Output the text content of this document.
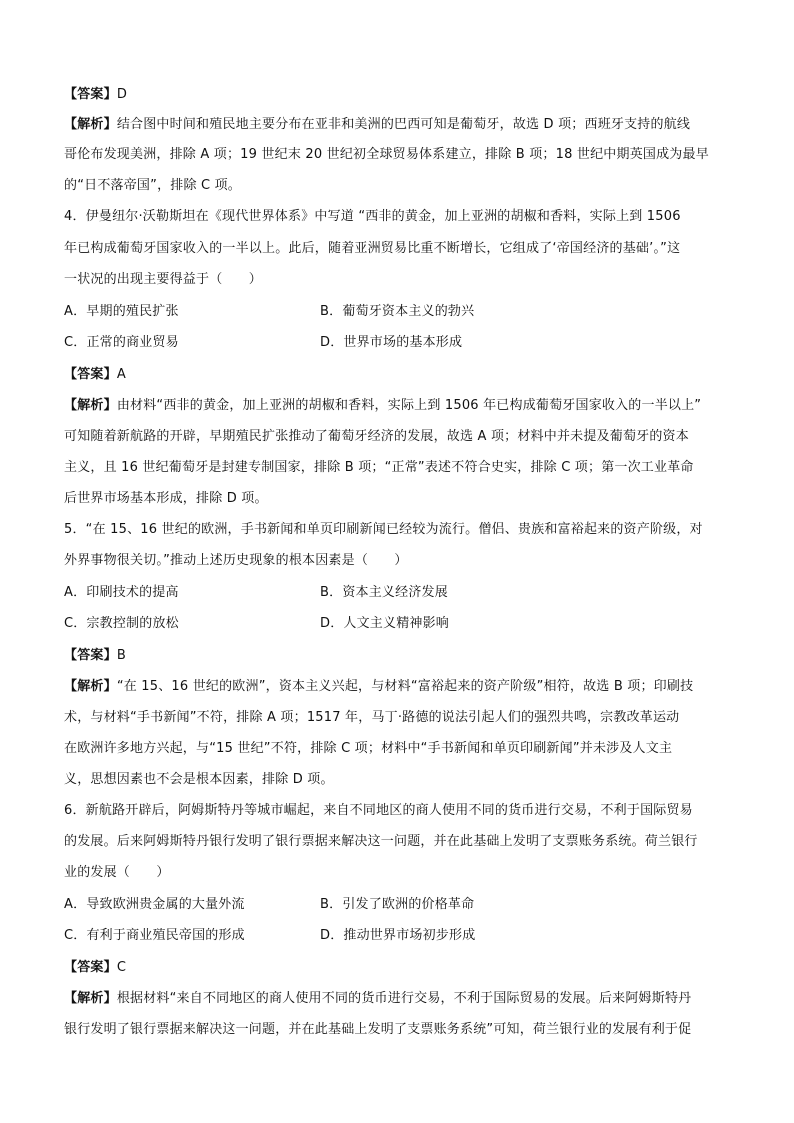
【答案】D
【解析】结合图中时间和殖民地主要分布在亚非和美洲的巴西可知是葡萄牙，故选 D 项；西班牙支持的航线
哥伦布发现美洲，排除 A 项；19 世纪末 20 世纪初全球贸易体系建立，排除 B 项；18 世纪中期英国成为最早
的“日不落帝国”，排除 C 项。
4．伊曼纽尔·沃勒斯坦在《现代世界体系》中写道 “西非的黄金，加上亚洲的胡椒和香料，实际上到 1506
年已构成葡萄牙国家收入的一半以上。此后，随着亚洲贸易比重不断增长，它组成了‘帝国经济的基础’。”这
一状况的出现主要得益于（　　）
A．早期的殖民扩张	B．葡萄牙资本主义的勃兴
C．正常的商业贸易	D．世界市场的基本形成
【答案】A
【解析】由材料“西非的黄金，加上亚洲的胡椒和香料，实际上到 1506 年已构成葡萄牙国家收入的一半以上”
可知随着新航路的开辟，早期殖民扩张推动了葡萄牙经济的发展，故选 A 项；材料中并未提及葡萄牙的资本
主义，且 16 世纪葡萄牙是封建专制国家，排除 B 项；“正常”表述不符合史实，排除 C 项；第一次工业革命
后世界市场基本形成，排除 D 项。
5．“在 15、16 世纪的欧洲，手书新闻和单页印刷新闻已经较为流行。僧侣、贵族和富裕起来的资产阶级，对
外界事物很关切。”推动上述历史现象的根本因素是（　　）
A．印刷技术的提高	B．资本主义经济发展
C．宗教控制的放松	D．人文主义精神影响
【答案】B
【解析】“在 15、16 世纪的欧洲”，资本主义兴起，与材料“富裕起来的资产阶级”相符，故选 B 项；印刷技
术，与材料“手书新闻”不符，排除 A 项；1517 年，马丁·路德的说法引起人们的强烈共鸣，宗教改革运动
在欧洲许多地方兴起，与“15 世纪”不符，排除 C 项；材料中“手书新闻和单页印刷新闻”并未涉及人文主
义，思想因素也不会是根本因素，排除 D 项。
6．新航路开辟后，阿姆斯特丹等城市崛起，来自不同地区的商人使用不同的货币进行交易，不利于国际贸易
的发展。后来阿姆斯特丹银行发明了银行票据来解决这一问题，并在此基础上发明了支票账务系统。荷兰银行
业的发展（　　）
A．导致欧洲贵金属的大量外流	B．引发了欧洲的价格革命
C．有利于商业殖民帝国的形成	D．推动世界市场初步形成
【答案】C
【解析】根据材料“来自不同地区的商人使用不同的货币进行交易，不利于国际贸易的发展。后来阿姆斯特丹
银行发明了银行票据来解决这一问题，并在此基础上发明了支票账务系统”可知，荷兰银行业的发展有利于促
